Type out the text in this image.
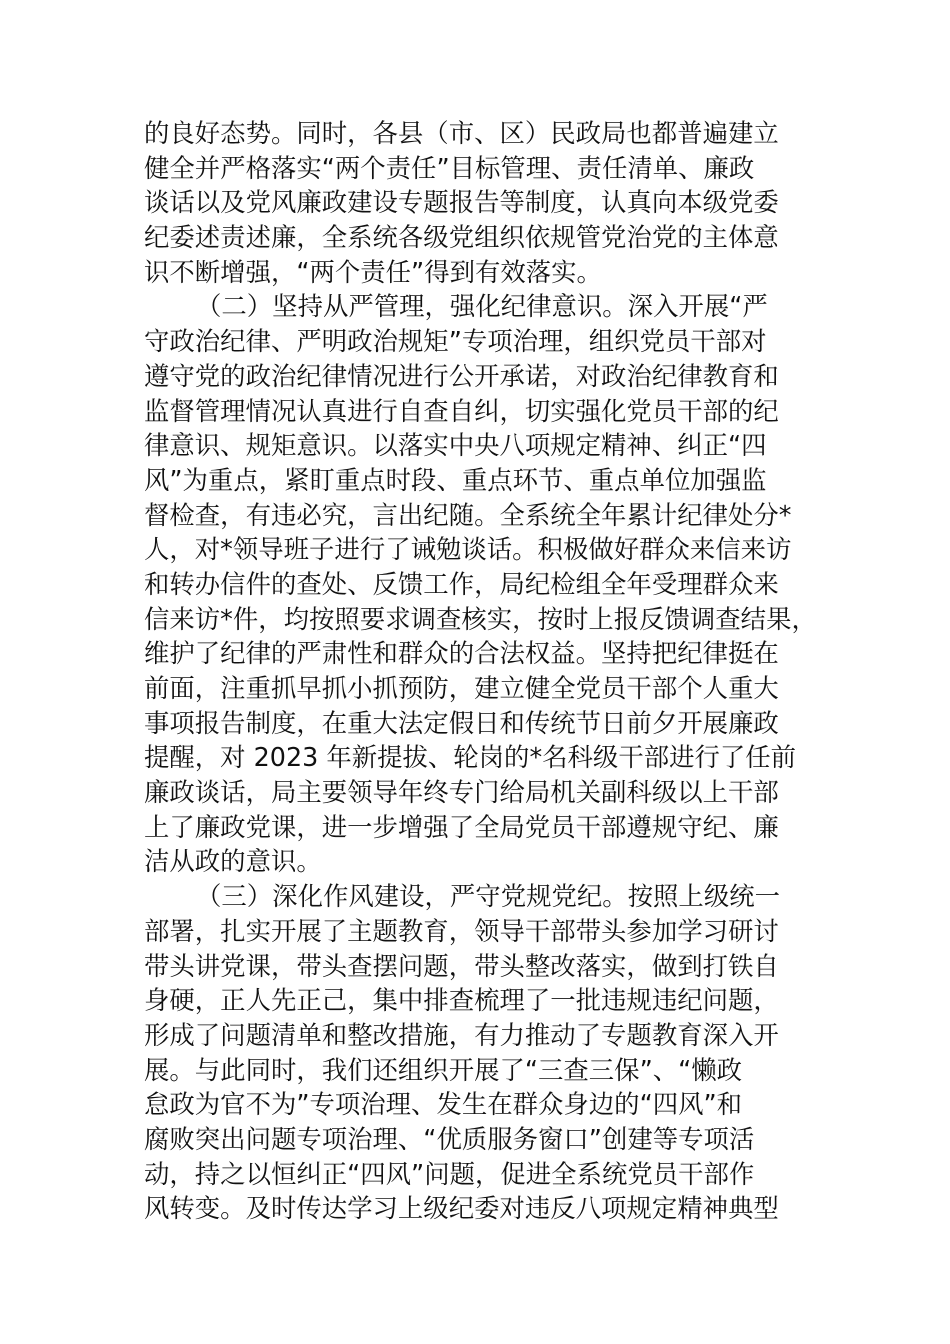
的良好态势。同时，各县（市、区）民政局也都普遍建立
健全并严格落实“两个责任”目标管理、责任清单、廉政
谈话以及党风廉政建设专题报告等制度，认真向本级党委
纪委述责述廉，全系统各级党组织依规管党治党的主体意
识不断增强，“两个责任”得到有效落实。
（二）坚持从严管理，强化纪律意识。深入开展“严
守政治纪律、严明政治规矩”专项治理，组织党员干部对
遵守党的政治纪律情况进行公开承诺，对政治纪律教育和
监督管理情况认真进行自查自纠，切实强化党员干部的纪
律意识、规矩意识。以落实中央八项规定精神、纠正“四
风”为重点，紧盯重点时段、重点环节、重点单位加强监
督检查，有违必究，言出纪随。全系统全年累计纪律处分*
人，对*领导班子进行了诫勉谈话。积极做好群众来信来访
和转办信件的查处、反馈工作，局纪检组全年受理群众来
信来访*件，均按照要求调查核实，按时上报反馈调查结果，
维护了纪律的严肃性和群众的合法权益。坚持把纪律挺在
前面，注重抓早抓小抓预防，建立健全党员干部个人重大
事项报告制度，在重大法定假日和传统节日前夕开展廉政
提醒，对 2023 年新提拔、轮岗的*名科级干部进行了任前
廉政谈话，局主要领导年终专门给局机关副科级以上干部
上了廉政党课，进一步增强了全局党员干部遵规守纪、廉
洁从政的意识。
（三）深化作风建设，严守党规党纪。按照上级统一
部署，扎实开展了主题教育，领导干部带头参加学习研讨
带头讲党课，带头查摆问题，带头整改落实，做到打铁自
身硬，正人先正己，集中排查梳理了一批违规违纪问题，
形成了问题清单和整改措施，有力推动了专题教育深入开
展。与此同时，我们还组织开展了“三查三保”、“懒政
怠政为官不为”专项治理、发生在群众身边的“四风”和
腐败突出问题专项治理、“优质服务窗口”创建等专项活
动，持之以恒纠正“四风”问题，促进全系统党员干部作
风转变。及时传达学习上级纪委对违反八项规定精神典型
